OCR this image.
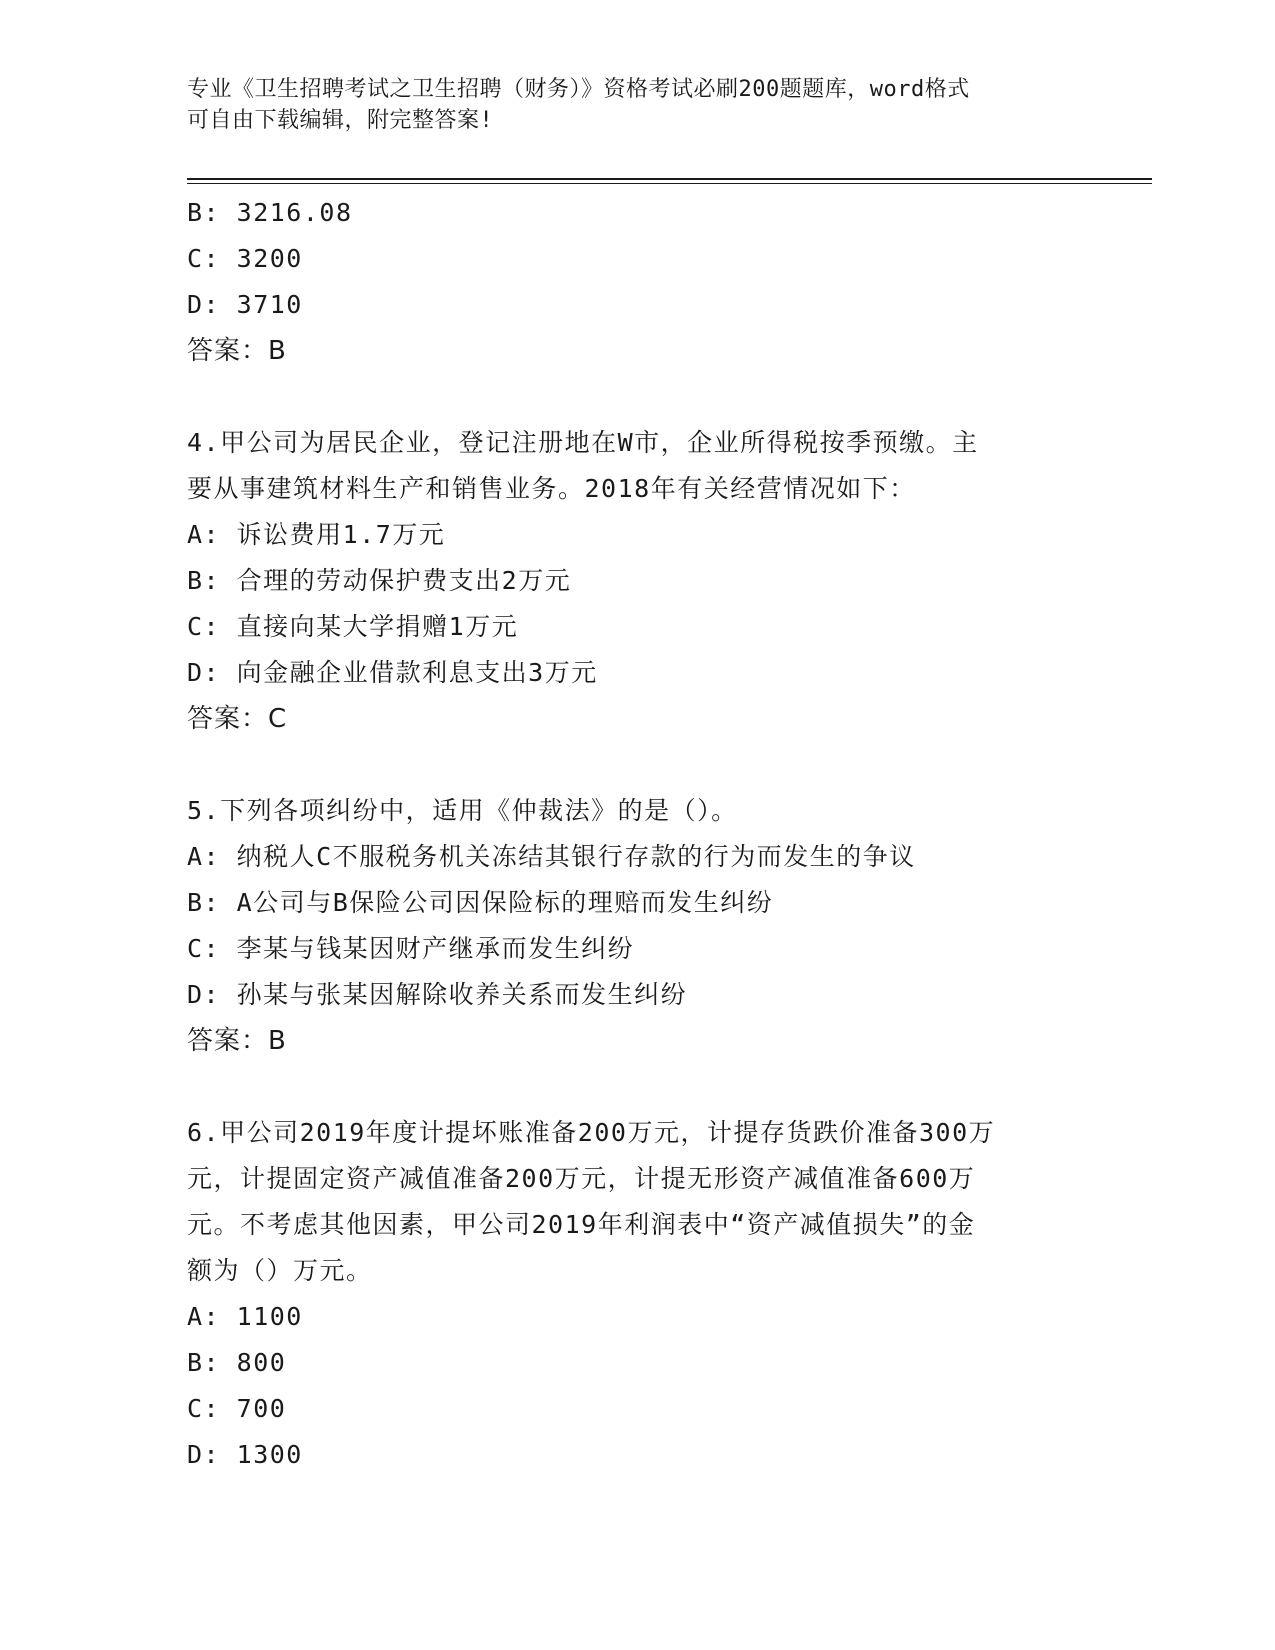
专业《卫生招聘考试之卫生招聘（财务）》资格考试必刷200题题库，word格式
可自由下载编辑，附完整答案!
B: 3216.08
C: 3200
D: 3710
答案：B
4.甲公司为居民企业，登记注册地在W市，企业所得税按季预缴。主
要从事建筑材料生产和销售业务。2018年有关经营情况如下：
A: 诉讼费用1.7万元
B: 合理的劳动保护费支出2万元
C: 直接向某大学捐赠1万元
D: 向金融企业借款利息支出3万元
答案：C
5.下列各项纠纷中，适用《仲裁法》的是（）。
A: 纳税人C不服税务机关冻结其银行存款的行为而发生的争议
B: A公司与B保险公司因保险标的理赔而发生纠纷
C: 李某与钱某因财产继承而发生纠纷
D: 孙某与张某因解除收养关系而发生纠纷
答案：B
6.甲公司2019年度计提坏账准备200万元，计提存货跌价准备300万
元，计提固定资产减值准备200万元，计提无形资产减值准备600万
元。不考虑其他因素，甲公司2019年利润表中“资产减值损失”的金
额为（）万元。
A: 1100
B: 800
C: 700
D: 1300
